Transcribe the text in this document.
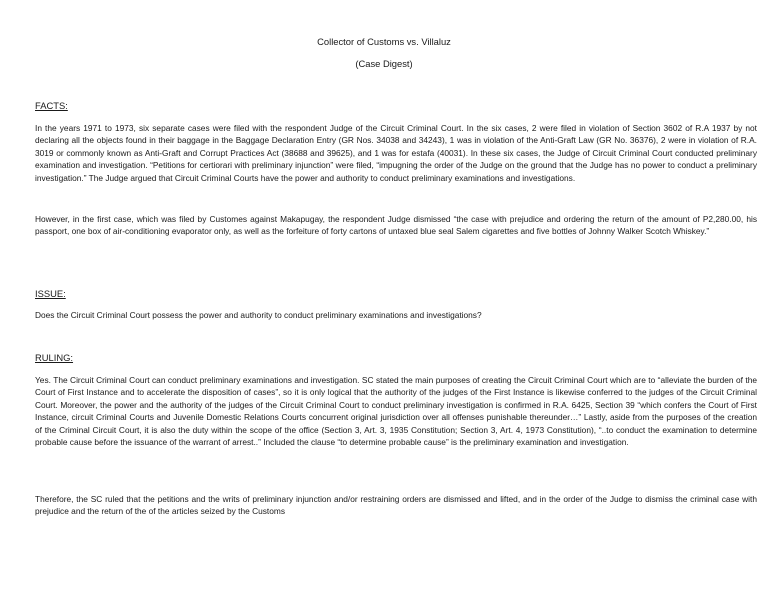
Collector of Customs vs. Villaluz
(Case Digest)
FACTS:

In the years 1971 to 1973, six separate cases were filed with the respondent Judge of the Circuit Criminal Court. In the six cases, 2 were filed in violation of Section 3602 of R.A 1937 by not declaring all the objects found in their baggage in the Baggage Declaration Entry (GR Nos. 34038 and 34243), 1 was in violation of the Anti-Graft Law (GR No. 36376), 2 were in violation of R.A. 3019 or commonly known as Anti-Graft and Corrupt Practices Act (38688 and 39625), and 1 was for estafa (40031). In these six cases, the Judge of Circuit Criminal Court conducted preliminary examination and investigation. “Petitions for certiorari with preliminary injunction” were filed, “impugning the order of the Judge on the ground that the Judge has no power to conduct a preliminary investigation.” The Judge argued that Circuit Criminal Courts have the power and authority to conduct preliminary examinations and investigations.

However, in the first case, which was filed by Customes against Makapugay, the respondent Judge dismissed “the case with prejudice and ordering the return of the amount of P2,280.00, his passport, one box of air-conditioning evaporator only, as well as the forfeiture of forty cartons of untaxed blue seal Salem cigarettes and five bottles of Johnny Walker Scotch Whiskey.”

ISSUE:

Does the Circuit Criminal Court possess the power and authority to conduct preliminary examinations and investigations?

RULING:

Yes. The Circuit Criminal Court can conduct preliminary examinations and investigation. SC stated the main purposes of creating the Circuit Criminal Court which are to “alleviate the burden of the Court of First Instance and to accelerate the disposition of cases”, so it is only logical that the authority of the judges of the First Instance is likewise conferred to the judges of the Circuit Criminal Court. Moreover, the power and the authority of the judges of the Circuit Criminal Court to conduct preliminary investigation is confirmed in R.A. 6425, Section 39 “which confers the Court of First Instance, circuit Criminal Courts and Juvenile Domestic Relations Courts concurrent original jurisdiction over all offenses punishable thereunder…” Lastly, aside from the purposes of the creation of the Criminal Circuit Court, it is also the duty within the scope of the office (Section 3, Art. 3, 1935 Constitution; Section 3, Art. 4, 1973 Constitution), “..to conduct the examination to determine probable cause before the issuance of the warrant of arrest..” Included the clause “to determine probable cause” is the preliminary examination and investigation.

Therefore, the SC ruled that the petitions and the writs of preliminary injunction and/or restraining orders are dismissed and lifted, and in the order of the Judge to dismiss the criminal case with prejudice and the return of the of the articles seized by the Customs
